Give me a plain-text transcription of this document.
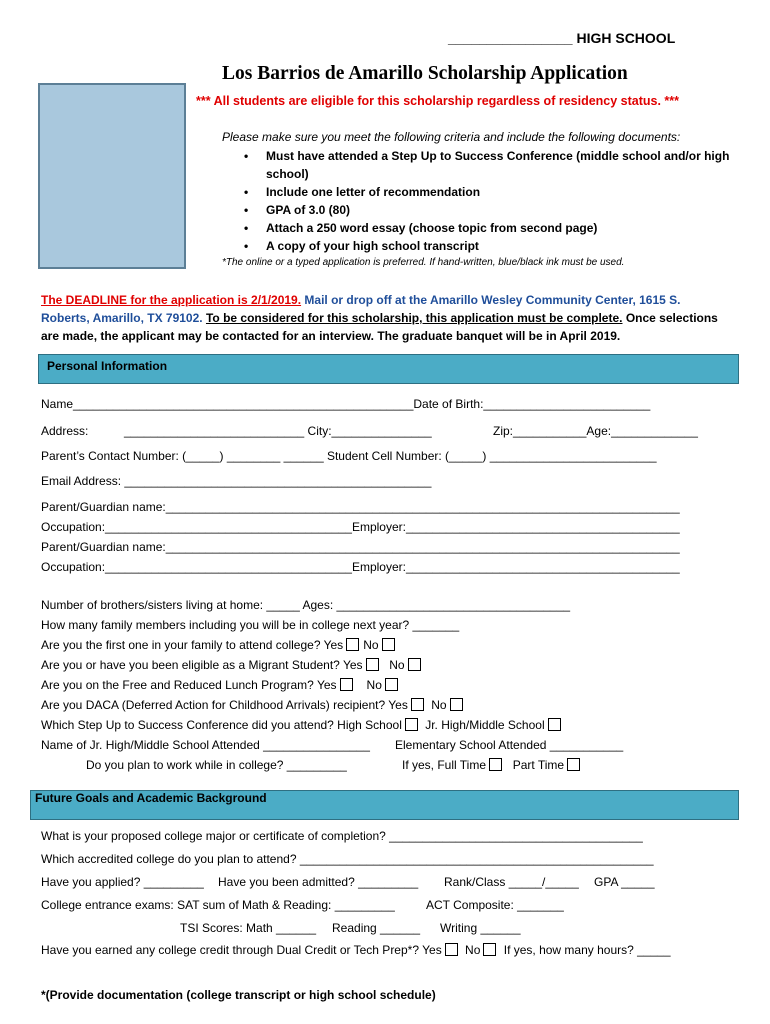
________________ HIGH SCHOOL
Los Barrios de Amarillo Scholarship Application
*** All students are eligible for this scholarship regardless of residency status. ***
Please make sure you meet the following criteria and include the following documents:
• Must have attended a Step Up to Success Conference (middle school and/or high school)
• Include one letter of recommendation
• GPA of 3.0 (80)
• Attach a 250 word essay (choose topic from second page)
• A copy of your high school transcript
*The online or a typed application is preferred. If hand-written, blue/black ink must be used.
The DEADLINE for the application is 2/1/2019. Mail or drop off at the Amarillo Wesley Community Center, 1615 S. Roberts, Amarillo, TX 79102. To be considered for this scholarship, this application must be complete. Once selections are made, the applicant may be contacted for an interview. The graduate banquet will be in April 2019.
Personal Information
Name___________________________________________________Date of Birth:_________________________
Address:	___________________________ City:_______________	Zip:___________Age:_____________
Parent’s Contact Number: (_____) ________ ______ Student Cell Number: (_____) _________________________
Email Address: ______________________________________________
Parent/Guardian name:_____________________________________________________________________________
Occupation:_____________________________________Employer:_________________________________________
Parent/Guardian name:_____________________________________________________________________________
Occupation:_____________________________________Employer:_________________________________________
Number of brothers/sisters living at home: _____ Ages: ___________________________________
How many family members including you will be in college next year? _______
Are you the first one in your family to attend college? Yes No
Are you or have you been eligible as a Migrant Student? Yes No
Are you on the Free and Reduced Lunch Program? Yes	No
Are you DACA (Deferred Action for Childhood Arrivals) recipient? Yes No
Which Step Up to Success Conference did you attend? High School Jr. High/Middle School
Name of Jr. High/Middle School Attended ________________ Elementary School Attended ___________
Do you plan to work while in college? _________	If yes, Full Time Part Time
Future Goals and Academic Background
What is your proposed college major or certificate of completion? ______________________________________
Which accredited college do you plan to attend? _____________________________________________________
Have you applied? _________ Have you been admitted? _________ Rank/Class _____/_____ GPA _____
College entrance exams: SAT sum of Math & Reading: _________	ACT Composite: _______
TSI Scores: Math ______ Reading ______ Writing ______
Have you earned any college credit through Dual Credit or Tech Prep*? Yes No If yes, how many hours? _____
*(Provide documentation (college transcript or high school schedule)
